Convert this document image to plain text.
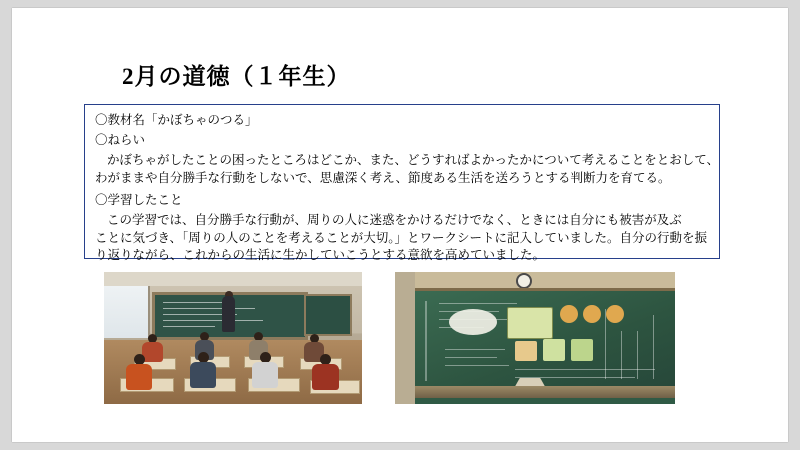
2月の道徳（１年生）
〇教材名「かぼちゃのつる」
〇ねらい
かぼちゃがしたことの困ったところはどこか、また、どうすればよかったかについて考えることをとおして、
わがままや自分勝手な行動をしないで、思慮深く考え、節度ある生活を送ろうとする判断力を育てる。
〇学習したこと
この学習では、自分勝手な行動が、周りの人に迷惑をかけるだけでなく、ときには自分にも被害が及ぶ
ことに気づき、「周りの人のことを考えることが大切。」とワークシートに記入していました。自分の行動を振
り返りながら、これからの生活に生かしていこうとする意欲を高めていました。
